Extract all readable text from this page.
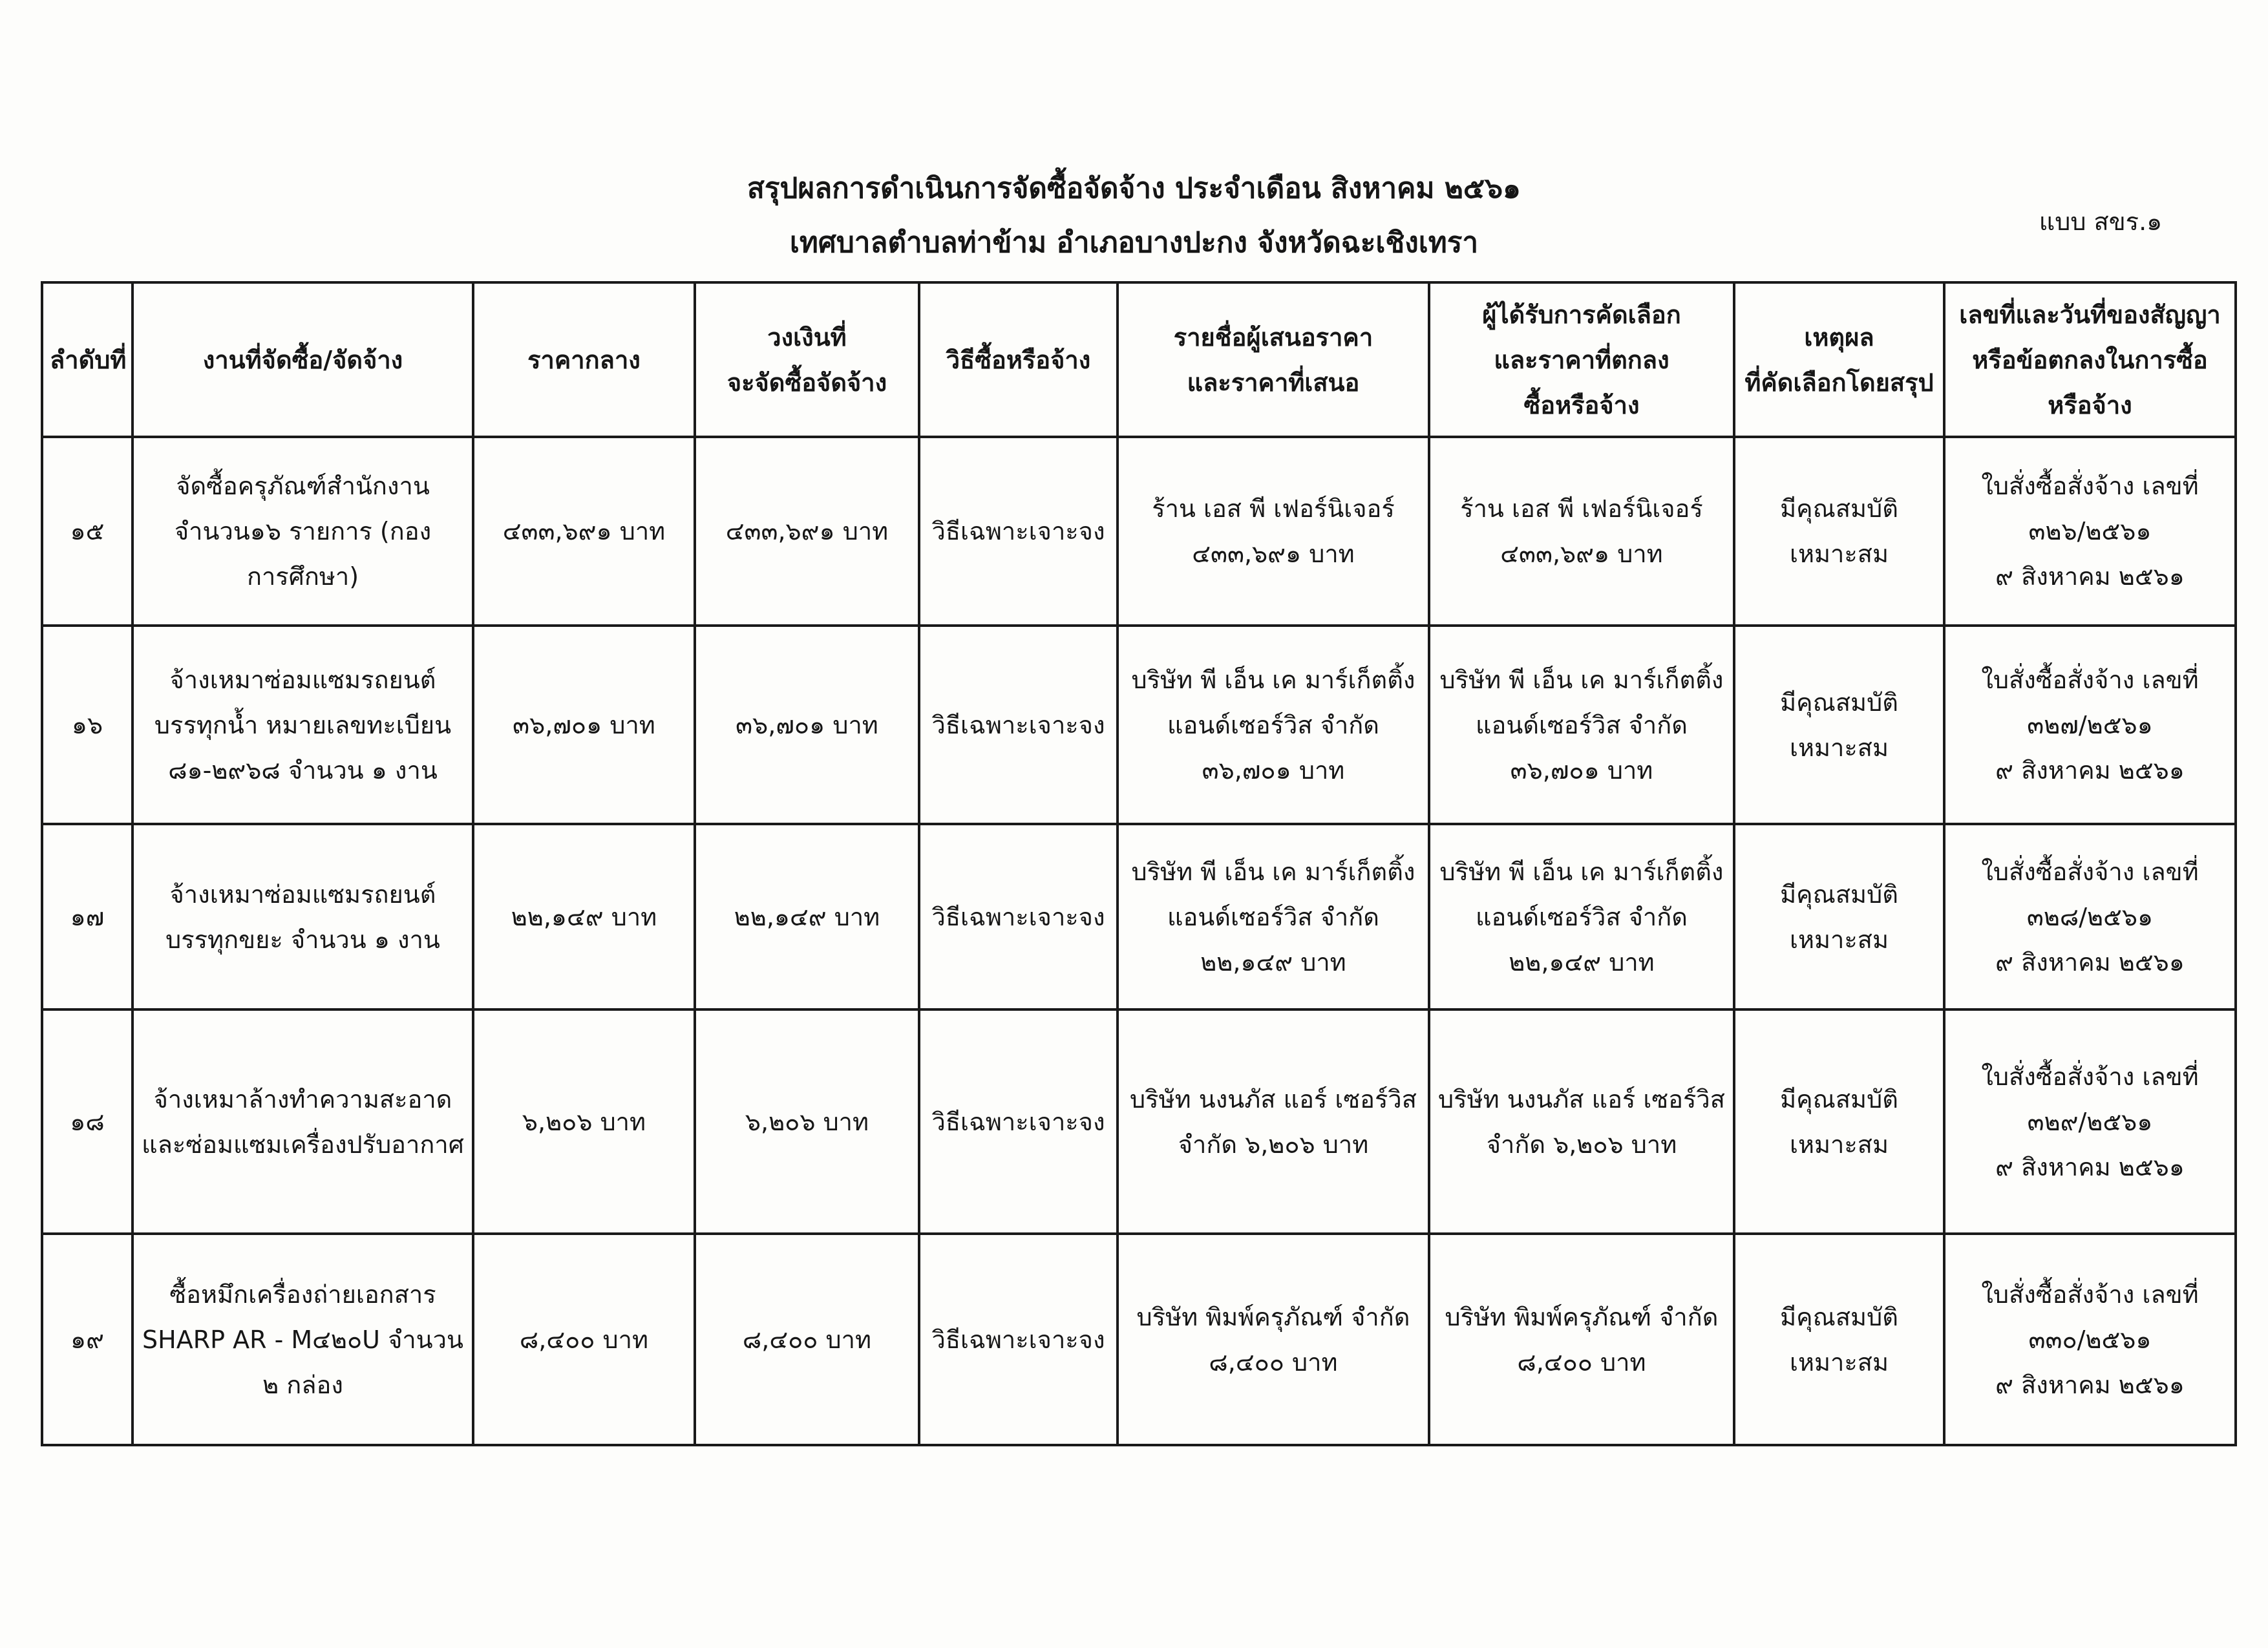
สรุปผลการดำเนินการจัดซื้อจัดจ้าง ประจำเดือน สิงหาคม ๒๕๖๑
เทศบาลตำบลท่าข้าม อำเภอบางปะกง จังหวัดฉะเชิงเทรา
แบบ สขร.๑
ลำดับที่	งานที่จัดซื้อ/จัดจ้าง	ราคากลาง	วงเงินที่
จะจัดซื้อจัดจ้าง	วิธีซื้อหรือจ้าง	รายชื่อผู้เสนอราคา
และราคาที่เสนอ	ผู้ได้รับการคัดเลือก
และราคาที่ตกลง
ซื้อหรือจ้าง	เหตุผล
ที่คัดเลือกโดยสรุป	เลขที่และวันที่ของสัญญา
หรือข้อตกลงในการซื้อ
หรือจ้าง

๑๕	จัดซื้อครุภัณฑ์สำนักงาน
จำนวน๑๖ รายการ (กอง
การศึกษา)	๔๓๓,๖๙๑ บาท	๔๓๓,๖๙๑ บาท	วิธีเฉพาะเจาะจง	ร้าน เอส พี เฟอร์นิเจอร์
๔๓๓,๖๙๑ บาท	ร้าน เอส พี เฟอร์นิเจอร์
๔๓๓,๖๙๑ บาท	มีคุณสมบัติ
เหมาะสม	ใบสั่งซื้อสั่งจ้าง เลขที่
๓๒๖/๒๕๖๑
๙ สิงหาคม ๒๕๖๑

๑๖	จ้างเหมาซ่อมแซมรถยนต์
บรรทุกน้ำ หมายเลขทะเบียน
๘๑-๒๙๖๘ จำนวน ๑ งาน	๓๖,๗๐๑ บาท	๓๖,๗๐๑ บาท	วิธีเฉพาะเจาะจง	บริษัท พี เอ็น เค มาร์เก็ตติ้ง
แอนด์เซอร์วิส จำกัด
๓๖,๗๐๑ บาท	บริษัท พี เอ็น เค มาร์เก็ตติ้ง
แอนด์เซอร์วิส จำกัด
๓๖,๗๐๑ บาท	มีคุณสมบัติ
เหมาะสม	ใบสั่งซื้อสั่งจ้าง เลขที่
๓๒๗/๒๕๖๑
๙ สิงหาคม ๒๕๖๑

๑๗	จ้างเหมาซ่อมแซมรถยนต์
บรรทุกขยะ จำนวน ๑ งาน	๒๒,๑๔๙ บาท	๒๒,๑๔๙ บาท	วิธีเฉพาะเจาะจง	บริษัท พี เอ็น เค มาร์เก็ตติ้ง
แอนด์เซอร์วิส จำกัด
๒๒,๑๔๙ บาท	บริษัท พี เอ็น เค มาร์เก็ตติ้ง
แอนด์เซอร์วิส จำกัด
๒๒,๑๔๙ บาท	มีคุณสมบัติ
เหมาะสม	ใบสั่งซื้อสั่งจ้าง เลขที่
๓๒๘/๒๕๖๑
๙ สิงหาคม ๒๕๖๑

๑๘	จ้างเหมาล้างทำความสะอาด
และซ่อมแซมเครื่องปรับอากาศ	๖,๒๐๖ บาท	๖,๒๐๖ บาท	วิธีเฉพาะเจาะจง	บริษัท นงนภัส แอร์ เซอร์วิส
จำกัด ๖,๒๐๖ บาท	บริษัท นงนภัส แอร์ เซอร์วิส
จำกัด ๖,๒๐๖ บาท	มีคุณสมบัติ
เหมาะสม	ใบสั่งซื้อสั่งจ้าง เลขที่
๓๒๙/๒๕๖๑
๙ สิงหาคม ๒๕๖๑

๑๙	ซื้อหมึกเครื่องถ่ายเอกสาร
SHARP AR - M๔๒๐U จำนวน
๒ กล่อง	๘,๔๐๐ บาท	๘,๔๐๐ บาท	วิธีเฉพาะเจาะจง	บริษัท พิมพ์ครุภัณฑ์ จำกัด
๘,๔๐๐ บาท	บริษัท พิมพ์ครุภัณฑ์ จำกัด
๘,๔๐๐ บาท	มีคุณสมบัติ
เหมาะสม	ใบสั่งซื้อสั่งจ้าง เลขที่
๓๓๐/๒๕๖๑
๙ สิงหาคม ๒๕๖๑
